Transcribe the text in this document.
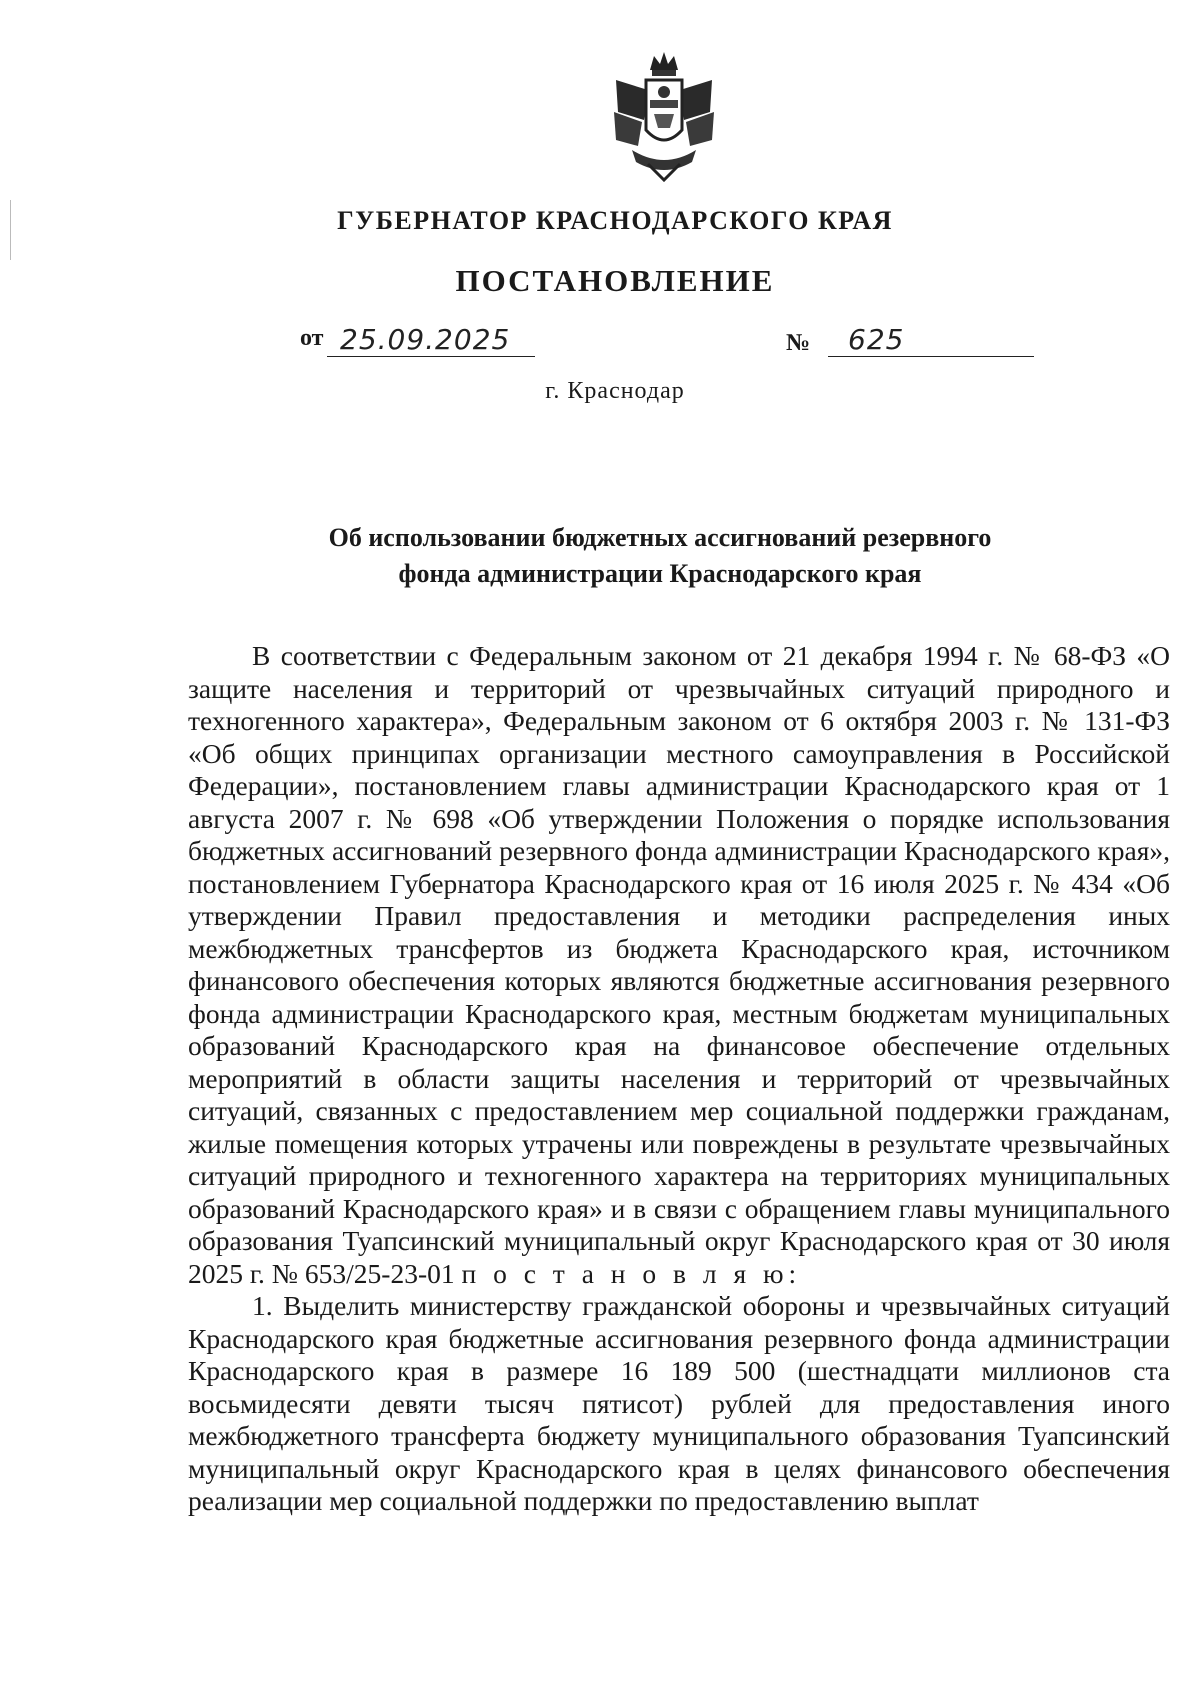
ГУБЕРНАТОР КРАСНОДАРСКОГО КРАЯ
ПОСТАНОВЛЕНИЕ
от 25.09.2025	№ 625
г. Краснодар
Об использовании бюджетных ассигнований резервного
фонда администрации Краснодарского края

В соответствии с Федеральным законом от 21 декабря 1994 г. № 68-ФЗ «О защите населения и территорий от чрезвычайных ситуаций природного и техногенного характера», Федеральным законом от 6 октября 2003 г. № 131-ФЗ «Об общих принципах организации местного самоуправления в Российской Федерации», постановлением главы администрации Краснодарского края от 1 августа 2007 г. № 698 «Об утверждении Положения о порядке использования бюджетных ассигнований резервного фонда администрации Краснодарского края», постановлением Губернатора Краснодарского края от 16 июля 2025 г. № 434 «Об утверждении Правил предоставления и методики распределения иных межбюджетных трансфертов из бюджета Краснодарского края, источником финансового обеспечения которых являются бюджетные ассигнования резервного фонда администрации Краснодарского края, местным бюджетам муниципальных образований Краснодарского края на финансовое обеспечение отдельных мероприятий в области защиты населения и территорий от чрезвычайных ситуаций, связанных с предоставлением мер социальной поддержки гражданам, жилые помещения которых утрачены или повреждены в результате чрезвычайных ситуаций природного и техногенного характера на территориях муниципальных образований Краснодарского края» и в связи с обращением главы муниципального образования Туапсинский муниципальный округ Краснодарского края от 30 июля 2025 г. № 653/25-23-01 п о с т а н о в л я ю:

1. Выделить министерству гражданской обороны и чрезвычайных ситуаций Краснодарского края бюджетные ассигнования резервного фонда администрации Краснодарского края в размере 16 189 500 (шестнадцати миллионов ста восьмидесяти девяти тысяч пятисот) рублей для предоставления иного межбюджетного трансферта бюджету муниципального образования Туапсинский муниципальный округ Краснодарского края в целях финансового обеспечения реализации мер социальной поддержки по предоставлению выплат
